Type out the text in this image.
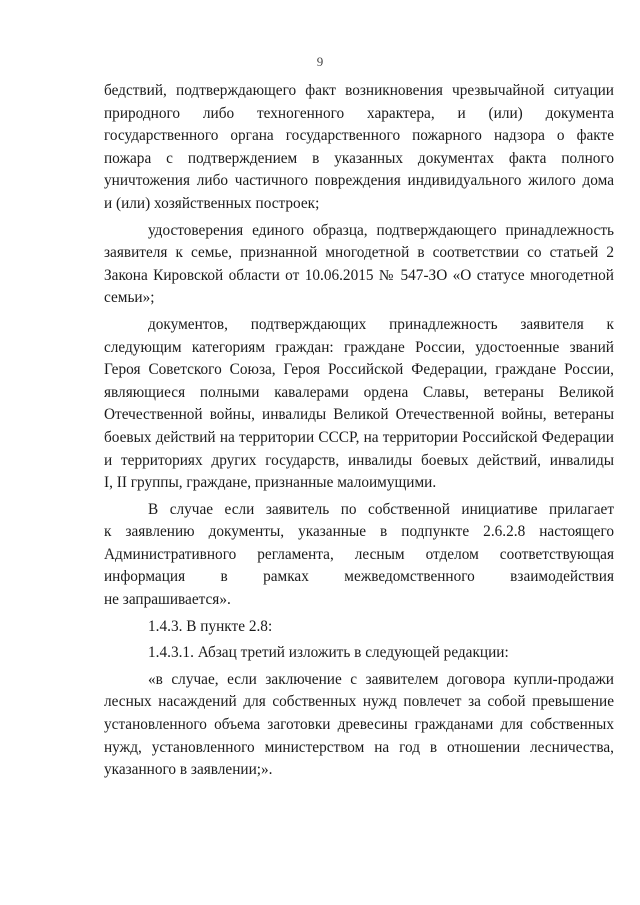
9
бедствий, подтверждающего факт возникновения чрезвычайной ситуации
природного либо техногенного характера, и (или) документа
государственного органа государственного пожарного надзора о факте
пожара с подтверждением в указанных документах факта полного
уничтожения либо частичного повреждения индивидуального жилого дома
и (или) хозяйственных построек;
удостоверения единого образца, подтверждающего принадлежность
заявителя к семье, признанной многодетной в соответствии со статьей 2
Закона Кировской области от 10.06.2015 № 547-ЗО «О статусе многодетной
семьи»;
документов, подтверждающих принадлежность заявителя к
следующим категориям граждан: граждане России, удостоенные званий
Героя Советского Союза, Героя Российской Федерации, граждане России,
являющиеся полными кавалерами ордена Славы, ветераны Великой
Отечественной войны, инвалиды Великой Отечественной войны, ветераны
боевых действий на территории СССР, на территории Российской Федерации
и территориях других государств, инвалиды боевых действий, инвалиды
I, II группы, граждане, признанные малоимущими.
В случае если заявитель по собственной инициативе прилагает
к заявлению документы, указанные в подпункте 2.6.2.8 настоящего
Административного регламента, лесным отделом соответствующая
информация в рамках межведомственного взаимодействия
не запрашивается».
1.4.3. В пункте 2.8:
1.4.3.1. Абзац третий изложить в следующей редакции:
«в случае, если заключение с заявителем договора купли-продажи
лесных насаждений для собственных нужд повлечет за собой превышение
установленного объема заготовки древесины гражданами для собственных
нужд, установленного министерством на год в отношении лесничества,
указанного в заявлении;».
